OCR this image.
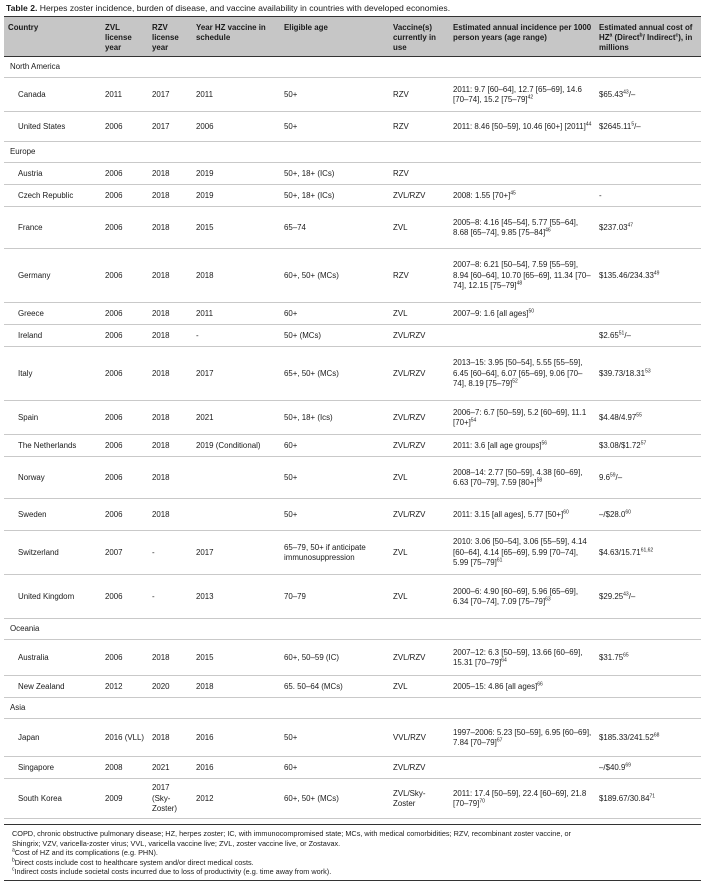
Table 2. Herpes zoster incidence, burden of disease, and vaccine availability in countries with developed economies.
Country	ZVL license year	RZV license year	Year HZ vaccine in schedule	Eligible age	Vaccine(s) currently in use	Estimated annual incidence per 1000 person years (age range)	Estimated annual cost of $HZ^a$ (Direct$^b$/ Indirect$^c$), in millions
North America							
Canada	2011	2017	2011	50+	RZV	2011: 9.7 [60–64], 12.7 [65–69], 14.6 [70–74], 15.2 $[75-79]^{42}$	$65.43$^{43}$/–
United States	2006	2017	2006	50+	RZV	2011: 8.46 [50–59], 10.46 [60+] $[2011]^{44}$	$2645.11$^5$/–
Europe							
Austria	2006	2018	2019	50+, 18+ (ICs)	RZV		
Czech Republic	2006	2018	2019	50+, 18+ (ICs)	ZVL/RZV	2008: 1.55 $[70+]^{45}$	-
France	2006	2018	2015	65–74	ZVL	2005–8: 4.16 [45–54], 5.77 [55–64], 8.68 [65–74], 9.85 $[75-84]^{46}$	$237.03$^{47}$
Germany	2006	2018	2018	60+, 50+ (MCs)	RZV	2007–8: 6.21 [50–54], 7.59 [55–59], 8.94 [60–64], 10.70 [65–69], 11.34 [70–74], 12.15 $[75-79]^{48}$	$135.46/234.33$^{49}$
Greece	2006	2018	2011	60+	ZVL	2007–9: 1.6 [all ages]$^{50}$	
Ireland	2006	2018	-	50+ (MCs)	ZVL/RZV		$2.65$^{51}$/–
Italy	2006	2018	2017	65+, 50+ (MCs)	ZVL/RZV	2013–15: 3.95 [50–54], 5.55 [55–59], 6.45 [60–64], 6.07 [65–69], 9.06 [70–74], 8.19 $[75-79]^{52}$	$39.73/18.31$^{53}$
Spain	2006	2018	2021	50+, 18+ (Ics)	ZVL/RZV	2006–7: 6.7 [50–59], 5.2 [60–69], 11.1 $[70+]^{54}$	$4.48/4.97$^{55}$
The Netherlands	2006	2018	2019 (Conditional)	60+	ZVL/RZV	2011: 3.6 [all age groups]$^{56}$	$3.08/$1.72$^{57}$
Norway	2006	2018		50+	ZVL	2008–14: 2.77 [50–59], 4.38 [60–69], 6.63 [70–79], 7.59 $[80+]^{58}$	$9.6^{59}/-$
Sweden	2006	2018		50+	ZVL/RZV	2011: 3.15 [all ages], 5.77 $[50+]^{60}$	–/$28.0$^{60}$
Switzerland	2007	-	2017	65–79, 50+ if anticipate immunosuppression	ZVL	2010: 3.06 [50–54], 3.06 [55–59], 4.14 [60–64], 4.14 [65–69], 5.99 [70–74], 5.99 $[75-79]^{61}$	$4.63/15.71$^{61,62}$
United Kingdom	2006	-	2013	70–79	ZVL	2000–6: 4.90 [60–69], 5.96 [65–69], 6.34 [70–74], 7.09 $[75-79]^{63}$	$29.25$^{43}$/–
Oceania							
Australia	2006	2018	2015	60+, 50–59 (IC)	ZVL/RZV	2007–12: 6.3 [50–59], 13.66 [60–69], 15.31 $[70-79]^{64}$	$31.75$^{65}$
New Zealand	2012	2020	2018	65. 50–64 (MCs)	ZVL	2005–15: 4.86 [all ages]$^{66}$	
Asia							
Japan	2016 (VLL)	2018	2016	50+	VVL/RZV	1997–2006: 5.23 [50–59], 6.95 [60–69], 7.84 $[70-79]^{67}$	$185.33/241.52$^{68}$
Singapore	2008	2021	2016	60+	ZVL/RZV		–/$40.9$^{69}$
South Korea	2009	2017 (Sky-Zoster)	2012	60+, 50+ (MCs)	ZVL/Sky-Zoster	2011: 17.4 [50–59], 22.4 [60–69], 21.8 $[70-79]^{70}$	$189.67/30.84$^{71}$
COPD, chronic obstructive pulmonary disease; HZ, herpes zoster; IC, with immunocompromised state; MCs, with medical comorbidities; RZV, recombinant zoster vaccine, or
Shingrix; VZV, varicella-zoster virus; VVL, varicella vaccine live; ZVL, zoster vaccine live, or Zostavax.
$^a$Cost of HZ and its complications (e.g. PHN).
$^b$Direct costs include cost to healthcare system and/or direct medical costs.
$^c$Indirect costs include societal costs incurred due to loss of productivity (e.g. time away from work).
